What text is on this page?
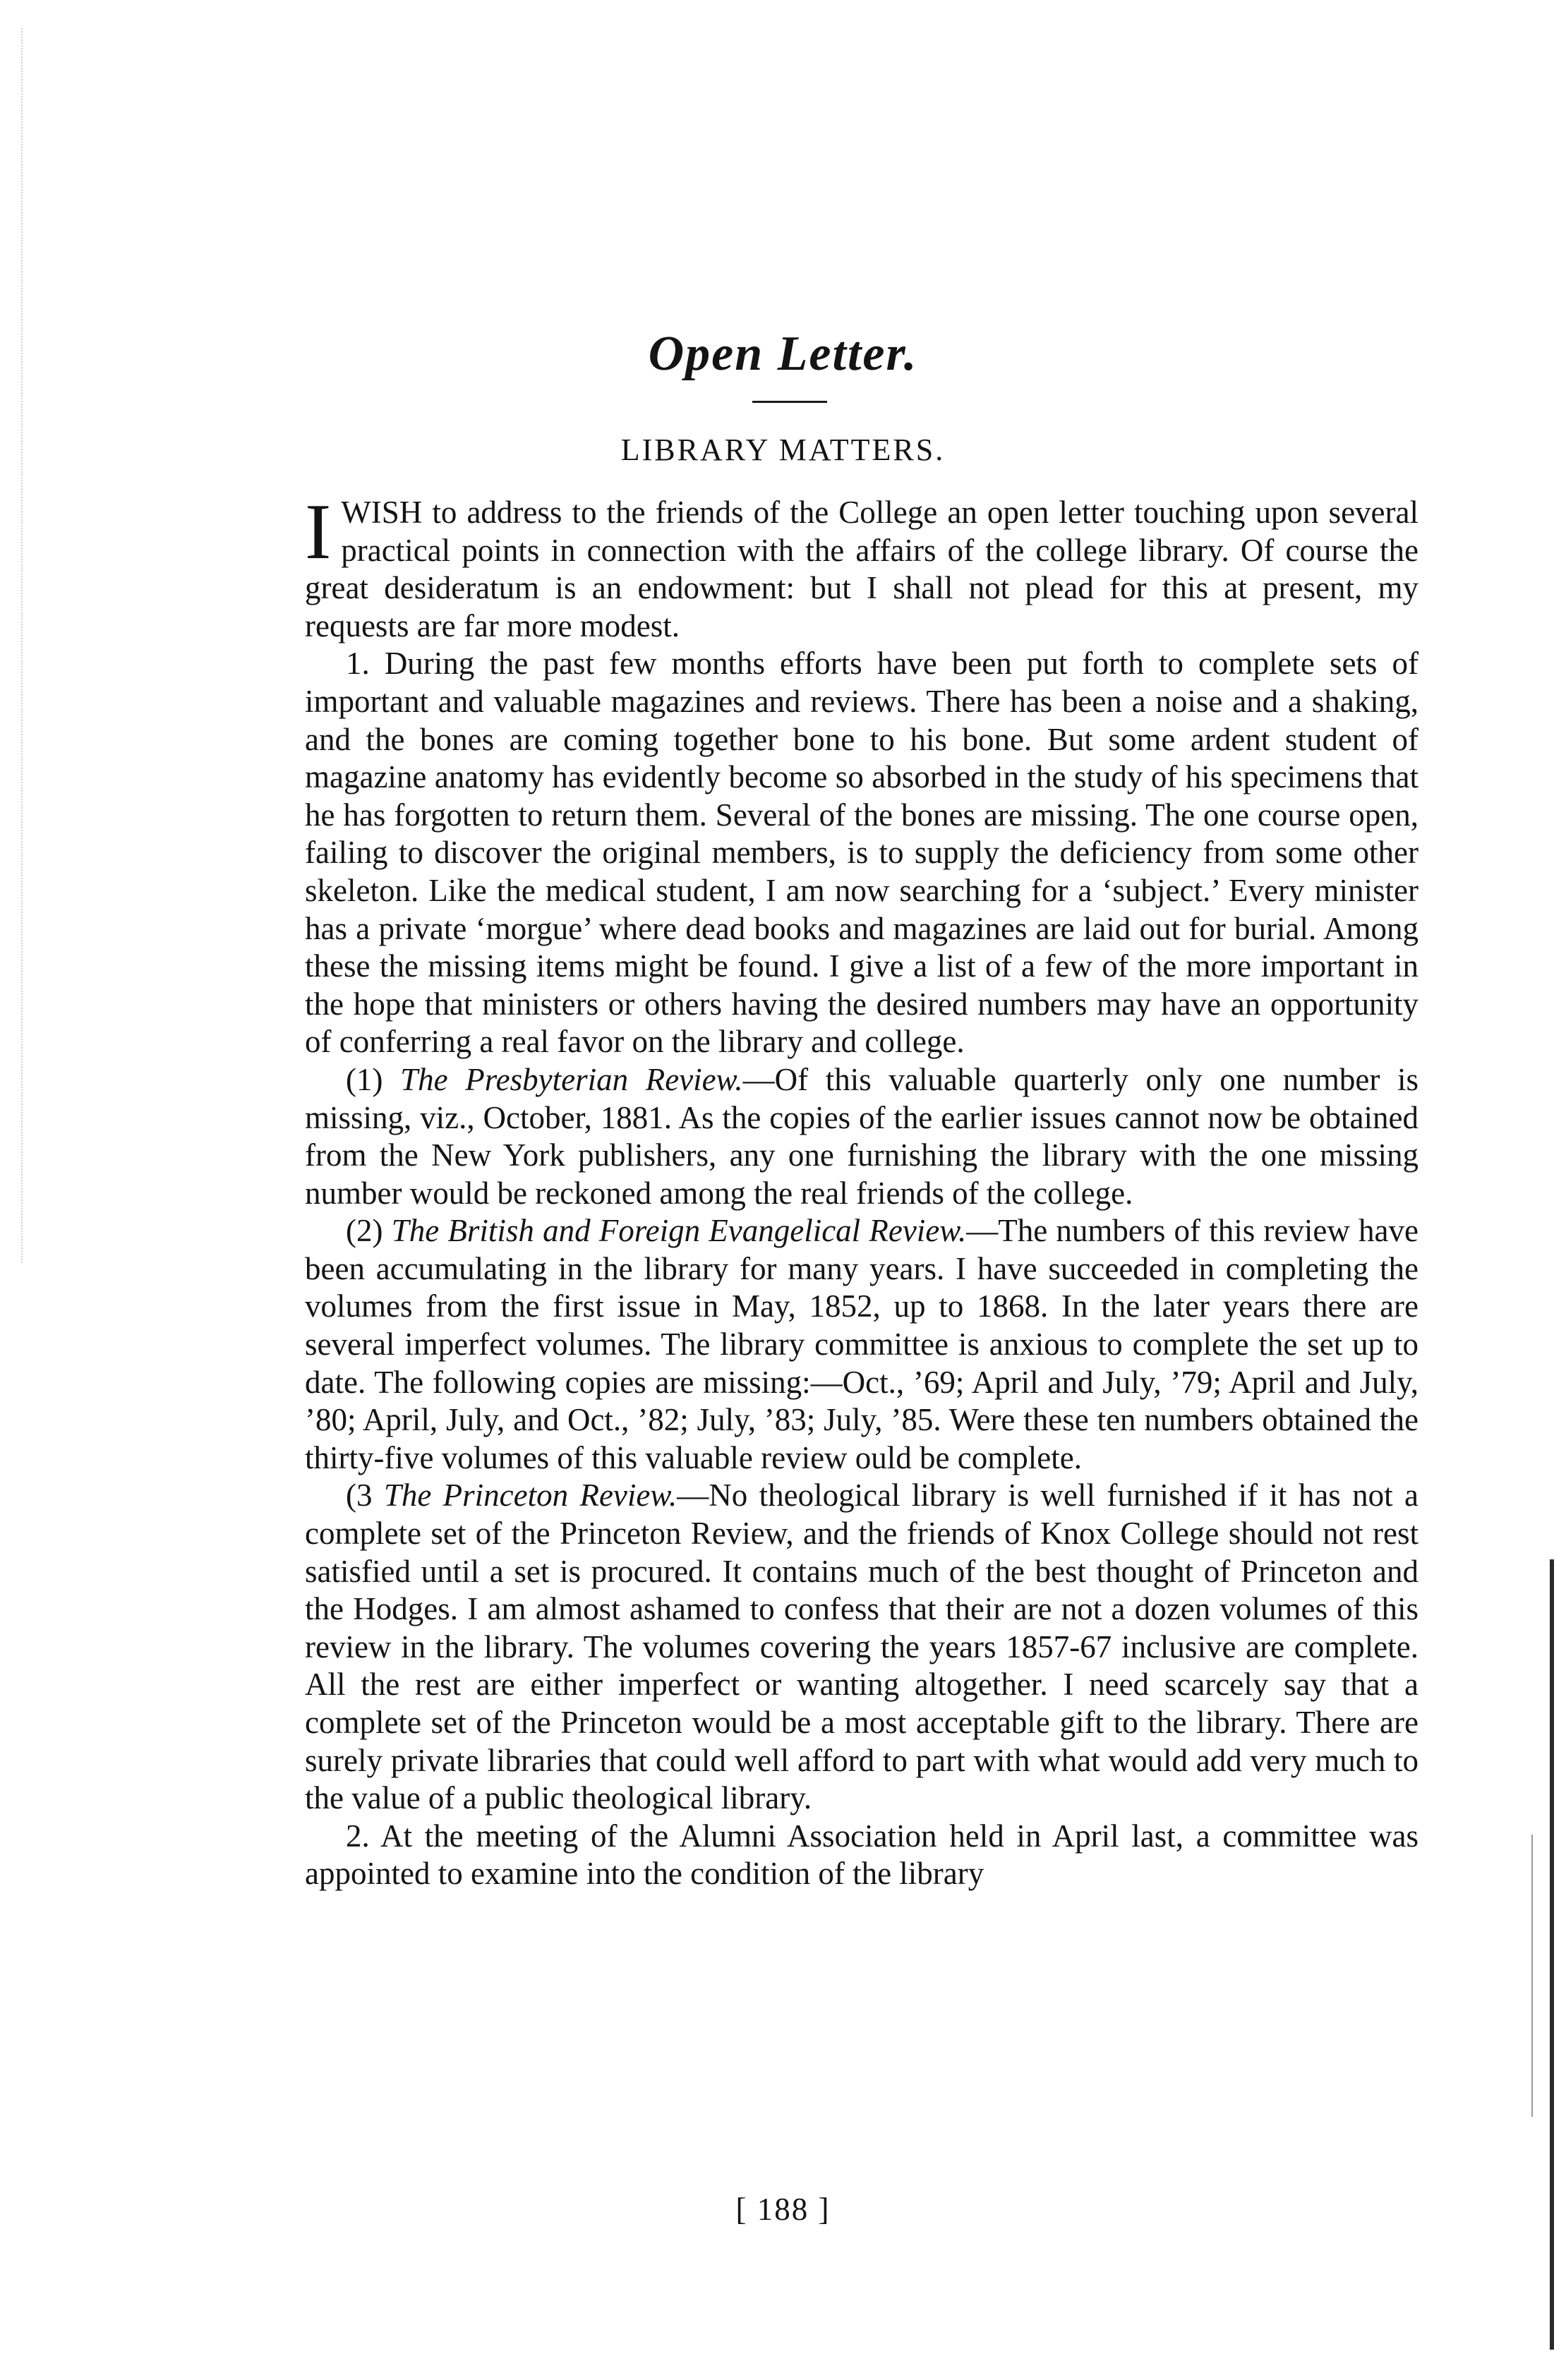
Open Letter.
LIBRARY MATTERS.

IWISH to address to the friends of the College an open letter touching upon several practical points in connection with the affairs of the college library. Of course the great desideratum is an endowment: but I shall not plead for this at present, my requests are far more modest.

1. During the past few months efforts have been put forth to complete sets of important and valuable magazines and reviews. There has been a noise and a shaking, and the bones are coming together bone to his bone. But some ardent student of magazine anatomy has evidently become so absorbed in the study of his specimens that he has forgotten to return them. Several of the bones are missing. The one course open, failing to discover the original members, is to supply the deficiency from some other skeleton. Like the medical student, I am now searching for a ‘subject.’ Every minister has a private ‘morgue’ where dead books and magazines are laid out for burial. Among these the missing items might be found. I give a list of a few of the more important in the hope that ministers or others having the desired numbers may have an opportunity of conferring a real favor on the library and college.

(1) The Presbyterian Review.—Of this valuable quarterly only one number is missing, viz., October, 1881. As the copies of the earlier issues cannot now be obtained from the New York publishers, any one furnishing the library with the one missing number would be reckoned among the real friends of the college.

(2) The British and Foreign Evangelical Review.—The numbers of this review have been accumulating in the library for many years. I have succeeded in completing the volumes from the first issue in May, 1852, up to 1868. In the later years there are several imperfect volumes. The library committee is anxious to complete the set up to date. The following copies are missing:—Oct., ’69; April and July, ’79; April and July, ’80; April, July, and Oct., ’82; July, ’83; July, ’85. Were these ten numbers obtained the thirty-five volumes of this valuable review ould be complete.

(3 The Princeton Review.—No theological library is well furnished if it has not a complete set of the Princeton Review, and the friends of Knox College should not rest satisfied until a set is procured. It contains much of the best thought of Princeton and the Hodges. I am almost ashamed to confess that their are not a dozen volumes of this review in the library. The volumes covering the years 1857-67 inclusive are complete. All the rest are either imperfect or wanting altogether. I need scarcely say that a complete set of the Princeton would be a most acceptable gift to the library. There are surely private libraries that could well afford to part with what would add very much to the value of a public theological library.

2. At the meeting of the Alumni Association held in April last, a committee was appointed to examine into the condition of the library

[ 188 ]
